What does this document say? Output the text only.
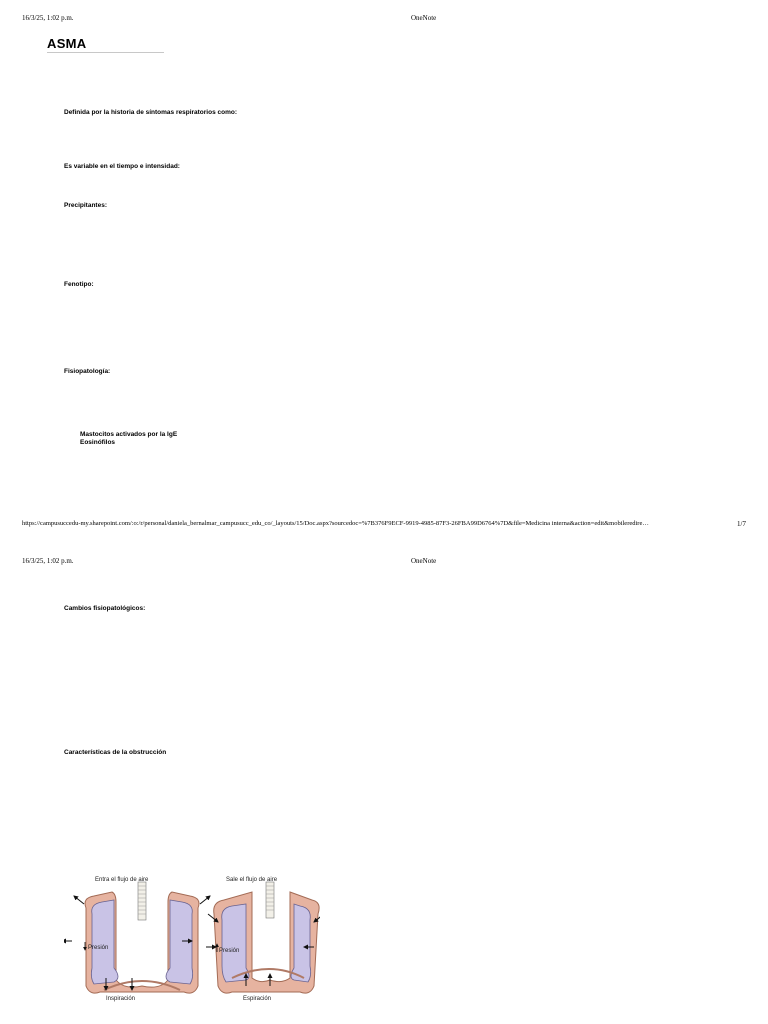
16/3/25, 1:02 p.m.	OneNote
ASMA
Definida por la historia de síntomas respiratorios como:
Es variable en el tiempo e intensidad:
Precipitantes:
Fenotipo:
Fisiopatología:
Mastocitos activados por la IgE
Eosinófilos
https://campusuccedu-my.sharepoint.com/:o:/r/personal/daniela_bernalmar_campusucc_edu_co/_layouts/15/Doc.aspx?sourcedoc=%7B376F9ECF-9919-4985-87F3-26FBA99D6764%7D&file=Medicina interna&action=edit&mobileredire…	1/7
16/3/25, 1:02 p.m.	OneNote
Cambios fisiopatológicos:
Características de la obstrucción
Entra el flujo de aire
Presión
Inspiración
Sale el flujo de aire
Presión
Espiración
